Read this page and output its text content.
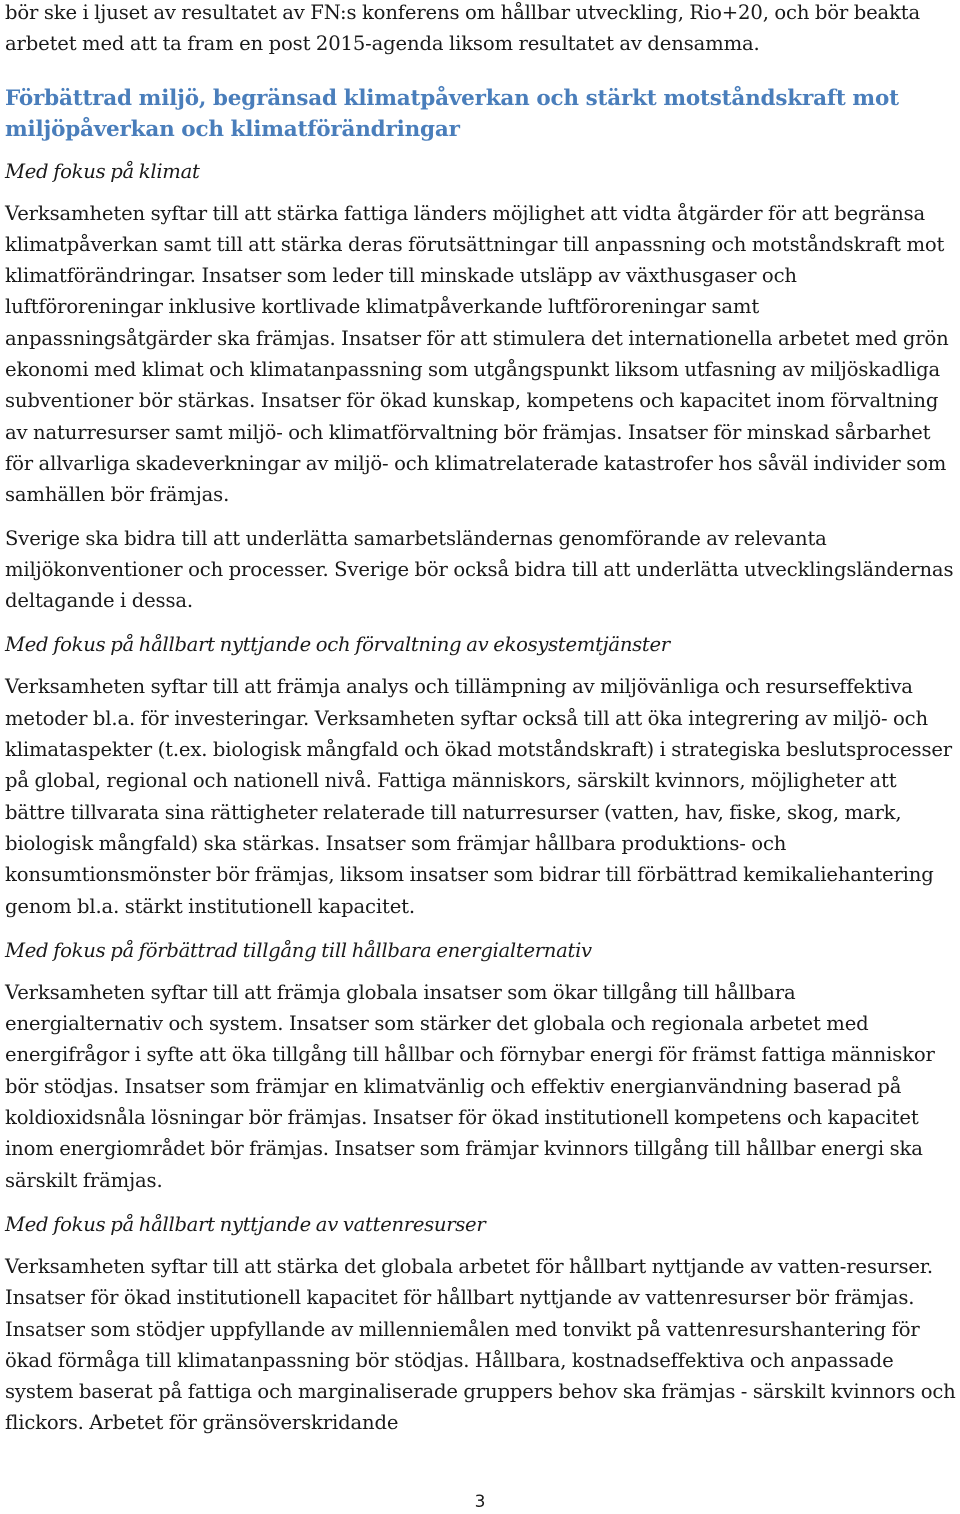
bör ske i ljuset av resultatet av FN:s konferens om hållbar utveckling, Rio+20, och bör beakta arbetet med att ta fram en post 2015-agenda liksom resultatet av densamma.

Förbättrad miljö, begränsad klimatpåverkan och stärkt motståndskraft mot miljöpåverkan och klimatförändringar

Med fokus på klimat

Verksamheten syftar till att stärka fattiga länders möjlighet att vidta åtgärder för att begränsa klimatpåverkan samt till att stärka deras förutsättningar till anpassning och motståndskraft mot klimatförändringar. Insatser som leder till minskade utsläpp av växthusgaser och luftföroreningar inklusive kortlivade klimatpåverkande luftföroreningar samt anpassningsåtgärder ska främjas. Insatser för att stimulera det internationella arbetet med grön ekonomi med klimat och klimatanpassning som utgångspunkt liksom utfasning av miljöskadliga subventioner bör stärkas. Insatser för ökad kunskap, kompetens och kapacitet inom förvaltning av naturresurser samt miljö- och klimatförvaltning bör främjas. Insatser för minskad sårbarhet för allvarliga skadeverkningar av miljö- och klimatrelaterade katastrofer hos såväl individer som samhällen bör främjas.

Sverige ska bidra till att underlätta samarbetsländernas genomförande av relevanta miljökonventioner och processer. Sverige bör också bidra till att underlätta utvecklingsländernas deltagande i dessa.

Med fokus på hållbart nyttjande och förvaltning av ekosystemtjänster

Verksamheten syftar till att främja analys och tillämpning av miljövänliga och resurseffektiva metoder bl.a. för investeringar. Verksamheten syftar också till att öka integrering av miljö- och klimataspekter (t.ex. biologisk mångfald och ökad motståndskraft) i strategiska beslutsprocesser på global, regional och nationell nivå. Fattiga människors, särskilt kvinnors, möjligheter att bättre tillvarata sina rättigheter relaterade till naturresurser (vatten, hav, fiske, skog, mark, biologisk mångfald) ska stärkas. Insatser som främjar hållbara produktions- och konsumtionsmönster bör främjas, liksom insatser som bidrar till förbättrad kemikaliehantering genom bl.a. stärkt institutionell kapacitet.

Med fokus på förbättrad tillgång till hållbara energialternativ

Verksamheten syftar till att främja globala insatser som ökar tillgång till hållbara energialternativ och system. Insatser som stärker det globala och regionala arbetet med energifrågor i syfte att öka tillgång till hållbar och förnybar energi för främst fattiga människor bör stödjas. Insatser som främjar en klimatvänlig och effektiv energianvändning baserad på koldioxidsnåla lösningar bör främjas. Insatser för ökad institutionell kompetens och kapacitet inom energiområdet bör främjas. Insatser som främjar kvinnors tillgång till hållbar energi ska särskilt främjas.

Med fokus på hållbart nyttjande av vattenresurser

Verksamheten syftar till att stärka det globala arbetet för hållbart nyttjande av vatten-resurser. Insatser för ökad institutionell kapacitet för hållbart nyttjande av vattenresurser bör främjas. Insatser som stödjer uppfyllande av millenniemålen med tonvikt på vattenresurshantering för ökad förmåga till klimatanpassning bör stödjas. Hållbara, kostnadseffektiva och anpassade system baserat på fattiga och marginaliserade gruppers behov ska främjas - särskilt kvinnors och flickors. Arbetet för gränsöverskridande

3
